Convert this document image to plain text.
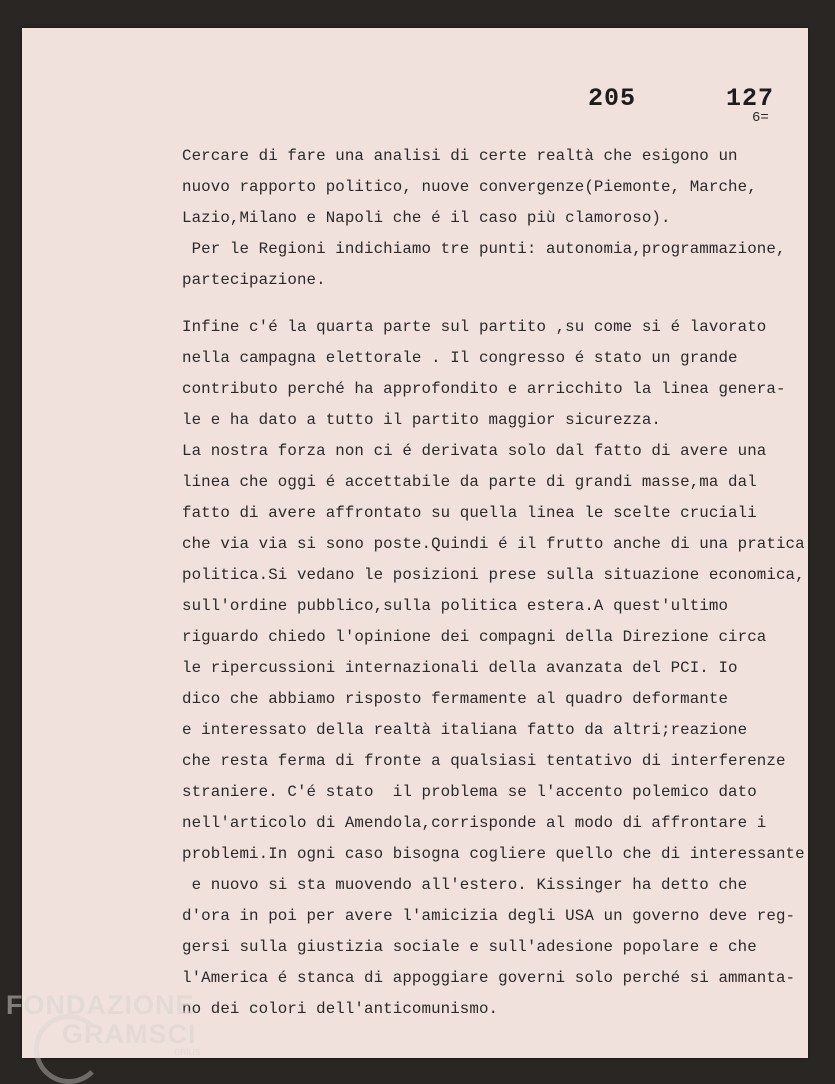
205   127
6=
Cercare di fare una analisi di certe realtà che esigono un
nuovo rapporto politico, nuove convergenze(Piemonte, Marche,
Lazio,Milano e Napoli che é il caso più clamoroso).
Per le Regioni indichiamo tre punti: autonomia,programmazione,
partecipazione.
Infine c'é la quarta parte sul partito ,su come si é lavorato
nella campagna elettorale . Il congresso é stato un grande
contributo perché ha approfondito e arricchito la linea genera-
le e ha dato a tutto il partito maggior sicurezza.
La nostra forza non ci é derivata solo dal fatto di avere una
linea che oggi é accettabile da parte di grandi masse,ma dal
fatto di avere affrontato su quella linea le scelte cruciali
che via via si sono poste.Quindi é il frutto anche di una pratica
politica.Si vedano le posizioni prese sulla situazione economica,
sull'ordine pubblico,sulla politica estera.A quest'ultimo
riguardo chiedo l'opinione dei compagni della Direzione circa
le ripercussioni internazionali della avanzata del PCI. Io
dico che abbiamo risposto fermamente al quadro deformante
e interessato della realtà italiana fatto da altri;reazione
che resta ferma di fronte a qualsiasi tentativo di interferenze
straniere. C'é stato  il problema se l'accento polemico dato
nell'articolo di Amendola,corrisponde al modo di affrontare i
problemi.In ogni caso bisogna cogliere quello che di interessante
e nuovo si sta muovendo all'estero. Kissinger ha detto che
d'ora in poi per avere l'amicizia degli USA un governo deve reg-
gersi sulla giustizia sociale e sull'adesione popolare e che
l'America é stanca di appoggiare governi solo perché si ammanta-
no dei colori dell'anticomunismo.
FONDAZIONE
GRAMSCI
onlus
